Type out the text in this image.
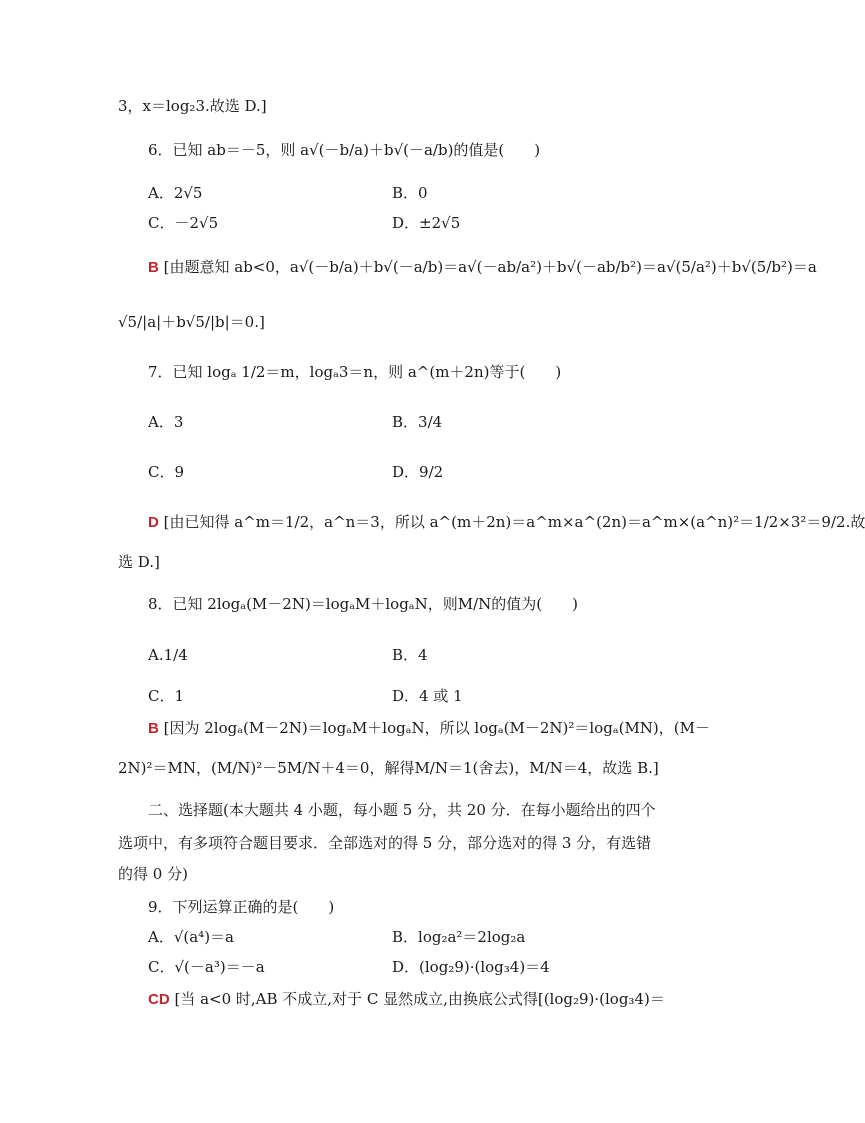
3，x＝log₂3.故选 D.]
6．已知 ab＝－5，则 a√(－b/a)＋b√(－a/b)的值是(　　)
A．2√5	B．0
C．－2√5	D．±2√5
B [由题意知 ab<0，a√(－b/a)＋b√(－a/b)＝a√(－ab/a²)＋b√(－ab/b²)＝a√(5/a²)＋b√(5/b²)＝a
√5/|a|＋b√5/|b|＝0.]
7．已知 logₐ 1/2＝m，logₐ3＝n，则 a^(m＋2n)等于(　　)
A．3	B．3/4
C．9	D．9/2
D [由已知得 a^m＝1/2，a^n＝3，所以 a^(m＋2n)＝a^m×a^(2n)＝a^m×(a^n)²＝1/2×3²＝9/2.故
选 D.]
8．已知 2logₐ(M－2N)＝logₐM＋logₐN，则M/N的值为(　　)
A.1/4	B．4
C．1	D．4 或 1
B [因为 2logₐ(M－2N)＝logₐM＋logₐN，所以 logₐ(M－2N)²＝logₐ(MN)，(M－
2N)²＝MN，(M/N)²－5M/N＋4＝0，解得M/N＝1(舍去)，M/N＝4，故选 B.]
二、选择题(本大题共 4 小题，每小题 5 分，共 20 分．在每小题给出的四个
选项中，有多项符合题目要求．全部选对的得 5 分，部分选对的得 3 分，有选错
的得 0 分)
9．下列运算正确的是(　　)
A．√(a⁴)＝a	B．log₂a²＝2log₂a
C．√(－a³)＝－a	D．(log₂9)·(log₃4)＝4
CD [当 a<0 时,AB 不成立,对于 C 显然成立,由换底公式得[(log₂9)·(log₃4)＝
